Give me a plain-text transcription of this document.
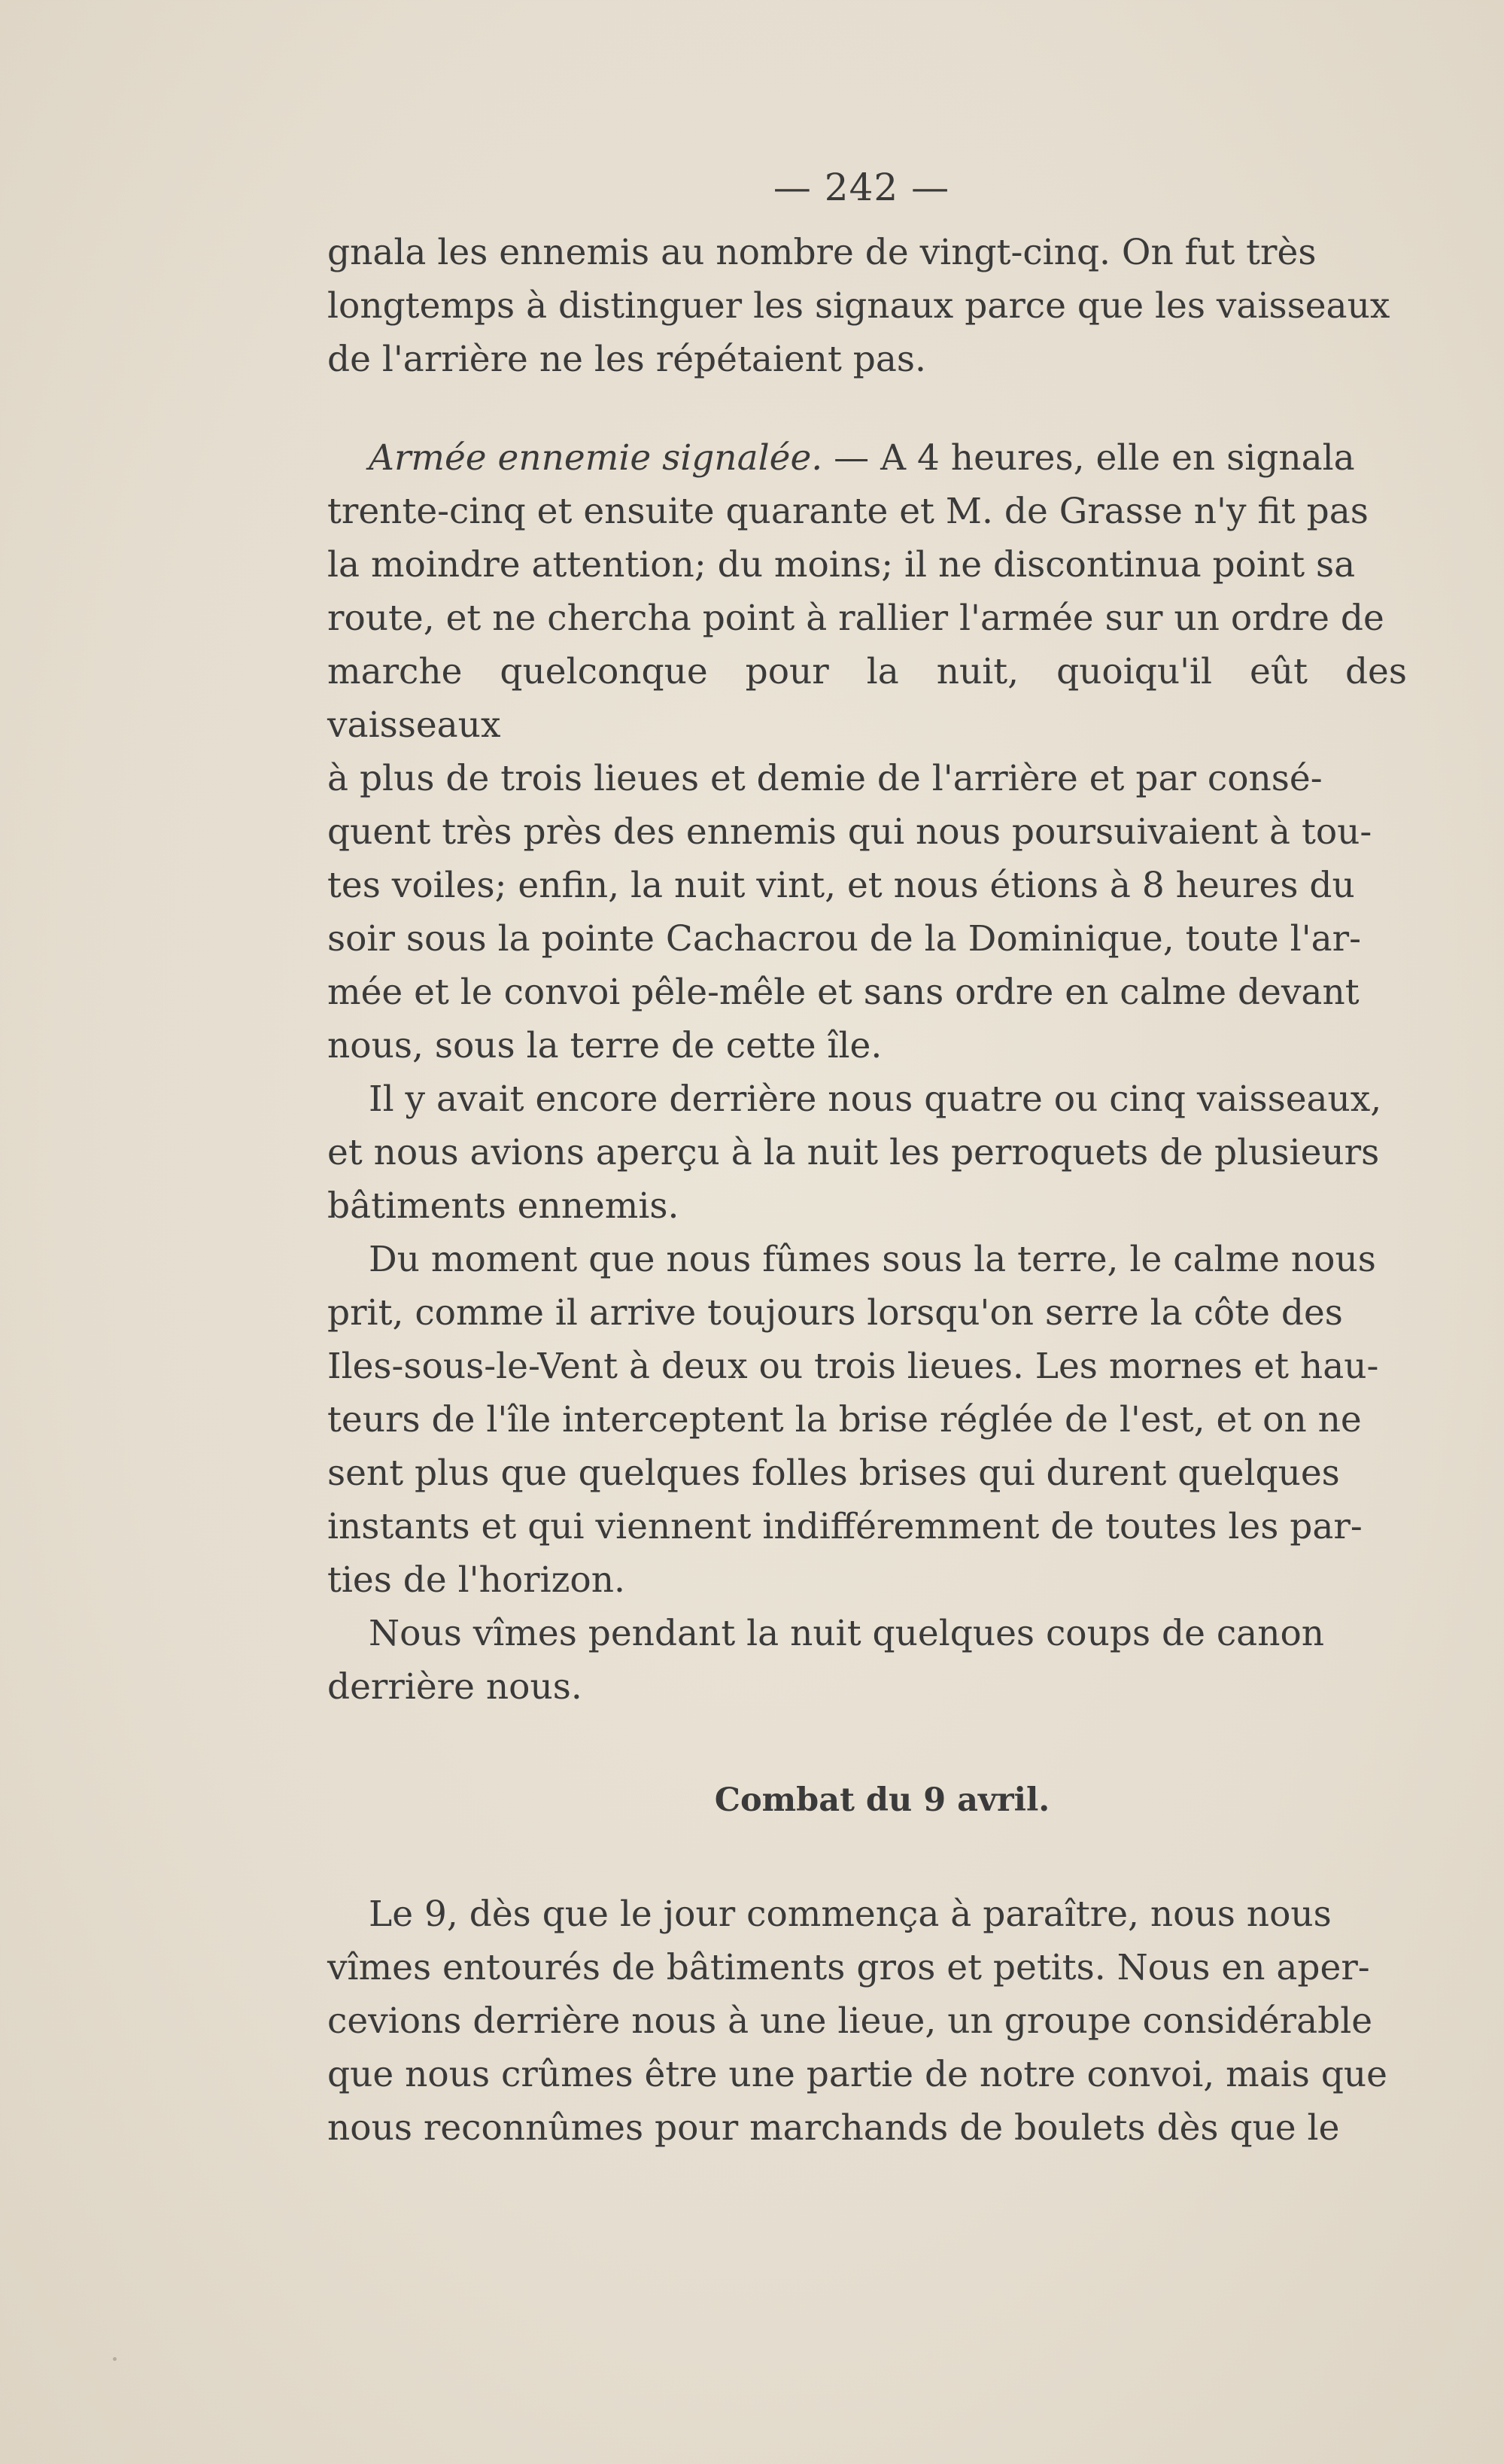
— 242 —

gnala les ennemis au nombre de vingt-cinq. On fut très
longtemps à distinguer les signaux parce que les vaisseaux
de l'arrière ne les répétaient pas.

Armée ennemie signalée. — A 4 heures, elle en signala
trente-cinq et ensuite quarante et M. de Grasse n'y fit pas
la moindre attention; du moins; il ne discontinua point sa
route, et ne chercha point à rallier l'armée sur un ordre de
marche quelconque pour la nuit, quoiqu'il eût des vaisseaux
à plus de trois lieues et demie de l'arrière et par consé-
quent très près des ennemis qui nous poursuivaient à tou-
tes voiles; enfin, la nuit vint, et nous étions à 8 heures du
soir sous la pointe Cachacrou de la Dominique, toute l'ar-
mée et le convoi pêle-mêle et sans ordre en calme devant
nous, sous la terre de cette île.

Il y avait encore derrière nous quatre ou cinq vaisseaux,
et nous avions aperçu à la nuit les perroquets de plusieurs
bâtiments ennemis.

Du moment que nous fûmes sous la terre, le calme nous
prit, comme il arrive toujours lorsqu'on serre la côte des
Iles-sous-le-Vent à deux ou trois lieues. Les mornes et hau-
teurs de l'île interceptent la brise réglée de l'est, et on ne
sent plus que quelques folles brises qui durent quelques
instants et qui viennent indifféremment de toutes les par-
ties de l'horizon.

Nous vîmes pendant la nuit quelques coups de canon
derrière nous.

Combat du 9 avril.

Le 9, dès que le jour commença à paraître, nous nous
vîmes entourés de bâtiments gros et petits. Nous en aper-
cevions derrière nous à une lieue, un groupe considérable
que nous crûmes être une partie de notre convoi, mais que
nous reconnûmes pour marchands de boulets dès que le
